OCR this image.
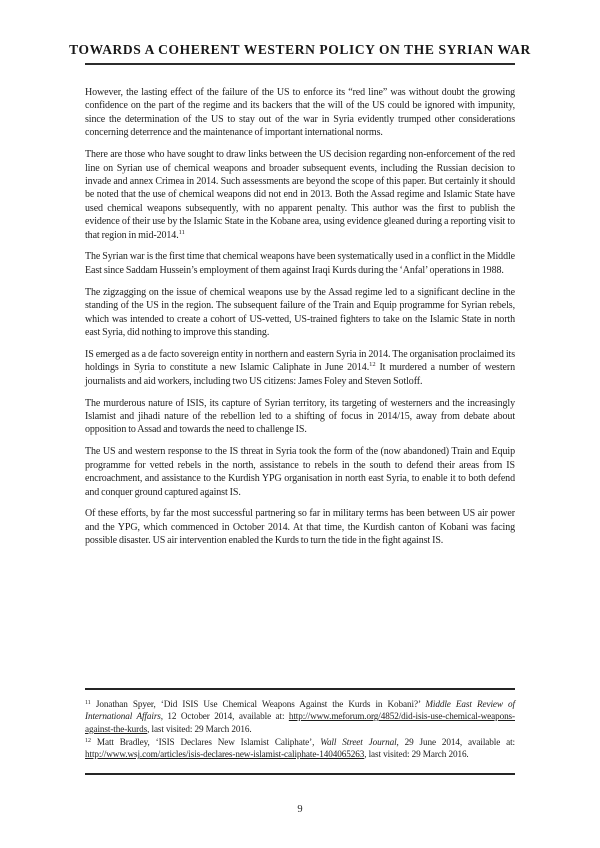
TOWARDS A COHERENT WESTERN POLICY ON THE SYRIAN WAR

However, the lasting effect of the failure of the US to enforce its “red line” was without doubt the growing confidence on the part of the regime and its backers that the will of the US could be ignored with impunity, since the determination of the US to stay out of the war in Syria evidently trumped other considerations concerning deterrence and the maintenance of important international norms.

There are those who have sought to draw links between the US decision regarding non-enforcement of the red line on Syrian use of chemical weapons and broader subsequent events, including the Russian decision to invade and annex Crimea in 2014. Such assessments are beyond the scope of this paper. But certainly it should be noted that the use of chemical weapons did not end in 2013. Both the Assad regime and Islamic State have used chemical weapons subsequently, with no apparent penalty. This author was the first to publish the evidence of their use by the Islamic State in the Kobane area, using evidence gleaned during a reporting visit to that region in mid-2014.11

The Syrian war is the first time that chemical weapons have been systematically used in a conflict in the Middle East since Saddam Hussein’s employment of them against Iraqi Kurds during the ‘Anfal’ operations in 1988.

The zigzagging on the issue of chemical weapons use by the Assad regime led to a significant decline in the standing of the US in the region. The subsequent failure of the Train and Equip programme for Syrian rebels, which was intended to create a cohort of US-vetted, US-trained fighters to take on the Islamic State in north east Syria, did nothing to improve this standing.

IS emerged as a de facto sovereign entity in northern and eastern Syria in 2014. The organisation proclaimed its holdings in Syria to constitute a new Islamic Caliphate in June 2014.12 It murdered a number of western journalists and aid workers, including two US citizens: James Foley and Steven Sotloff.

The murderous nature of ISIS, its capture of Syrian territory, its targeting of westerners and the increasingly Islamist and jihadi nature of the rebellion led to a shifting of focus in 2014/15, away from debate about opposition to Assad and towards the need to challenge IS.

The US and western response to the IS threat in Syria took the form of the (now abandoned) Train and Equip programme for vetted rebels in the north, assistance to rebels in the south to defend their areas from IS encroachment, and assistance to the Kurdish YPG organisation in north east Syria, to enable it to both defend and conquer ground captured against IS.

Of these efforts, by far the most successful partnering so far in military terms has been between US air power and the YPG, which commenced in October 2014. At that time, the Kurdish canton of Kobani was facing possible disaster. US air intervention enabled the Kurds to turn the tide in the fight against IS.

$^{11}$ Jonathan Spyer, ‘Did ISIS Use Chemical Weapons Against the Kurds in Kobani?’ Middle East Review of International Affairs, 12 October 2014, available at: http://www.meforum.org/4852/did-isis-use-chemical-weapons-against-the-kurds, last visited: 29 March 2016.

$^{12}$ Matt Bradley, ‘ISIS Declares New Islamist Caliphate’, Wall Street Journal, 29 June 2014, available at: http://www.wsj.com/articles/isis-declares-new-islamist-caliphate-1404065263, last visited: 29 March 2016.

9
